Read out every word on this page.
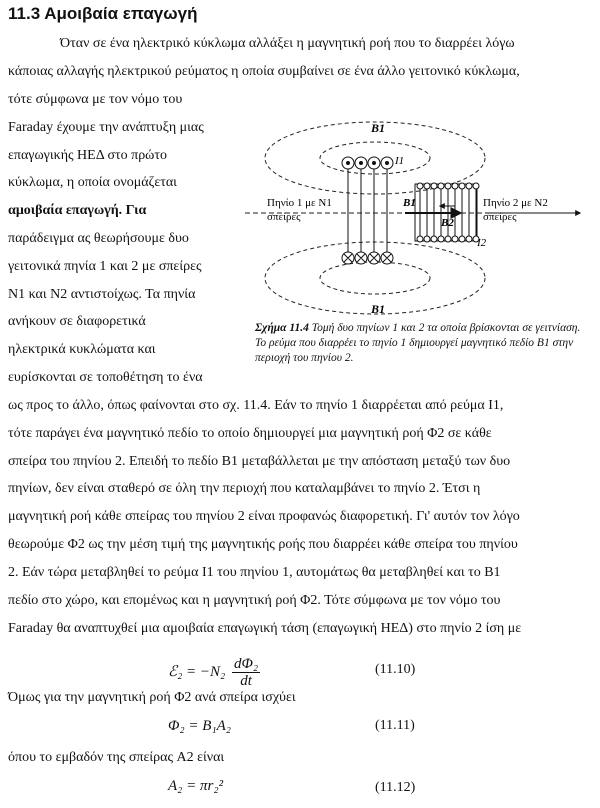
11.3 Αμοιβαία επαγωγή
Όταν σε ένα ηλεκτρικό κύκλωμα αλλάξει η μαγνητική ροή που το διαρρέει λόγω
κάποιας αλλαγής ηλεκτρικού ρεύματος η οποία συμβαίνει σε ένα άλλο γειτονικό κύκλωμα,
τότε σύμφωνα με τον νόμο του
Faraday έχουμε την ανάπτυξη μιας
επαγωγικής ΗΕΔ στο πρώτο
κύκλωμα, η οποία ονομάζεται
αμοιβαία επαγωγή. Για
παράδειγμα ας θεωρήσουμε δυο
γειτονικά πηνία 1 και 2 με σπείρες
N1 και N2 αντιστοίχως. Τα πηνία
ανήκουν σε διαφορετικά
ηλεκτρικά κυκλώματα και
ευρίσκονται σε τοποθέτηση το ένα
ως προς το άλλο, όπως φαίνονται στο σχ. 11.4. Εάν το πηνίο 1 διαρρέεται από ρεύμα I1,
τότε παράγει ένα μαγνητικό πεδίο το οποίο δημιουργεί μια μαγνητική ροή Φ2 σε κάθε
σπείρα του πηνίου 2. Επειδή το πεδίο B1 μεταβάλλεται με την απόσταση μεταξύ των δυο
πηνίων, δεν είναι σταθερό σε όλη την περιοχή που καταλαμβάνει το πηνίο 2. Έτσι η
μαγνητική ροή κάθε σπείρας του πηνίου 2 είναι προφανώς διαφορετική. Γι' αυτόν τον λόγο
θεωρούμε Φ2 ως την μέση τιμή της μαγνητικής ροής που διαρρέει κάθε σπείρα του πηνίου
2. Εάν τώρα μεταβληθεί το ρεύμα I1 του πηνίου 1, αυτομάτως θα μεταβληθεί και το B1
πεδίο στο χώρο, και επομένως και η μαγνητική ροή Φ2. Τότε σύμφωνα με τον νόμο του
Faraday θα αναπτυχθεί μια αμοιβαία επαγωγική τάση (επαγωγική ΗΕΔ) στο πηνίο 2 ίση με
ℰ₂ = $-N_2 \frac{\text{dΦ₂}}{dt}$	(11.10)
Όμως για την μαγνητική ροή Φ2 ανά σπείρα ισχύει
Φ₂ = B₁A₂	(11.11)
όπου το εμβαδόν της σπείρας A2 είναι
A₂ = πr₂²	(11.12)
B1
B1
B1
I1
I2
B2
Πηνίο 1 με N1
σπείρες
Πηνίο 2 με N2
σπείρες
Σχήμα 11.4 Τομή δυο πηνίων 1 και 2 τα οποία βρίσκονται σε γειτνίαση. Το ρεύμα που διαρρέει το πηνίο 1 δημιουργεί μαγνητικό πεδίο B1 στην περιοχή του πηνίου 2.
